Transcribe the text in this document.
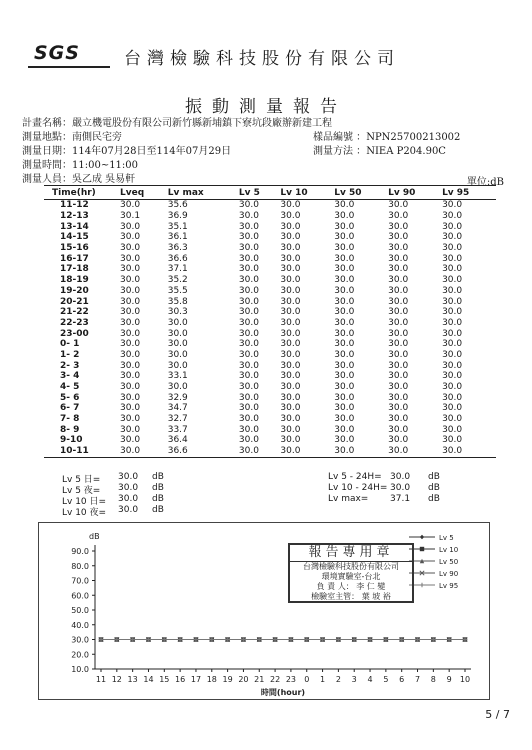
SGS	台灣檢驗科技股份有限公司
振動測量報告
計畫名稱：嚴立機電股份有限公司新竹縣新埔鎮下寮坑段廠辦新建工程
測量地點：南側民宅旁	樣品編號 ：NPN25700213002
測量日期：114年07月28日至114年07月29日	測量方法 ：NIEA P204.90C
測量時間：11:00~11:00
測量人員：吳乙成 吳易軒	單位:dB
Time(hr)	Lveq	Lv max	Lv 5	Lv 10	Lv 50	Lv 90	Lv 95
11-12	30.0	35.6	30.0	30.0	30.0	30.0	30.0
12-13	30.1	36.9	30.0	30.0	30.0	30.0	30.0
13-14	30.0	35.1	30.0	30.0	30.0	30.0	30.0
14-15	30.0	36.1	30.0	30.0	30.0	30.0	30.0
15-16	30.0	36.3	30.0	30.0	30.0	30.0	30.0
16-17	30.0	36.6	30.0	30.0	30.0	30.0	30.0
17-18	30.0	37.1	30.0	30.0	30.0	30.0	30.0
18-19	30.0	35.2	30.0	30.0	30.0	30.0	30.0
19-20	30.0	35.5	30.0	30.0	30.0	30.0	30.0
20-21	30.0	35.8	30.0	30.0	30.0	30.0	30.0
21-22	30.0	30.3	30.0	30.0	30.0	30.0	30.0
22-23	30.0	30.0	30.0	30.0	30.0	30.0	30.0
23-00	30.0	30.0	30.0	30.0	30.0	30.0	30.0
0- 1	30.0	30.0	30.0	30.0	30.0	30.0	30.0
1- 2	30.0	30.0	30.0	30.0	30.0	30.0	30.0
2- 3	30.0	30.0	30.0	30.0	30.0	30.0	30.0
3- 4	30.0	33.1	30.0	30.0	30.0	30.0	30.0
4- 5	30.0	30.0	30.0	30.0	30.0	30.0	30.0
5- 6	30.0	32.9	30.0	30.0	30.0	30.0	30.0
6- 7	30.0	34.7	30.0	30.0	30.0	30.0	30.0
7- 8	30.0	32.7	30.0	30.0	30.0	30.0	30.0
8- 9	30.0	33.7	30.0	30.0	30.0	30.0	30.0
9-10	30.0	36.4	30.0	30.0	30.0	30.0	30.0
10-11	30.0	36.6	30.0	30.0	30.0	30.0	30.0
Lv 5 日= 30.0 dB
Lv 5 夜= 30.0 dB
Lv 10 日= 30.0 dB
Lv 10 夜= 30.0 dB
Lv 5 - 24H= 30.0 dB
Lv 10 - 24H= 30.0 dB
Lv max= 37.1 dB
dB
90.0
80.0
70.0
60.0
50.0
40.0
30.0
20.0
10.0
11 12 13 14 15 16 17 18 19 20 21 22 23 0 1 2 3 4 5 6 7 8 9 10
時間(hour)
Lv 5
Lv 10
Lv 50
Lv 90
Lv 95
報告專用章
台灣檢驗科技股份有限公司
環境實驗室-台北
負 責 人： 李 仁 變
檢驗室主管： 葉 坡 裕
5 / 7
